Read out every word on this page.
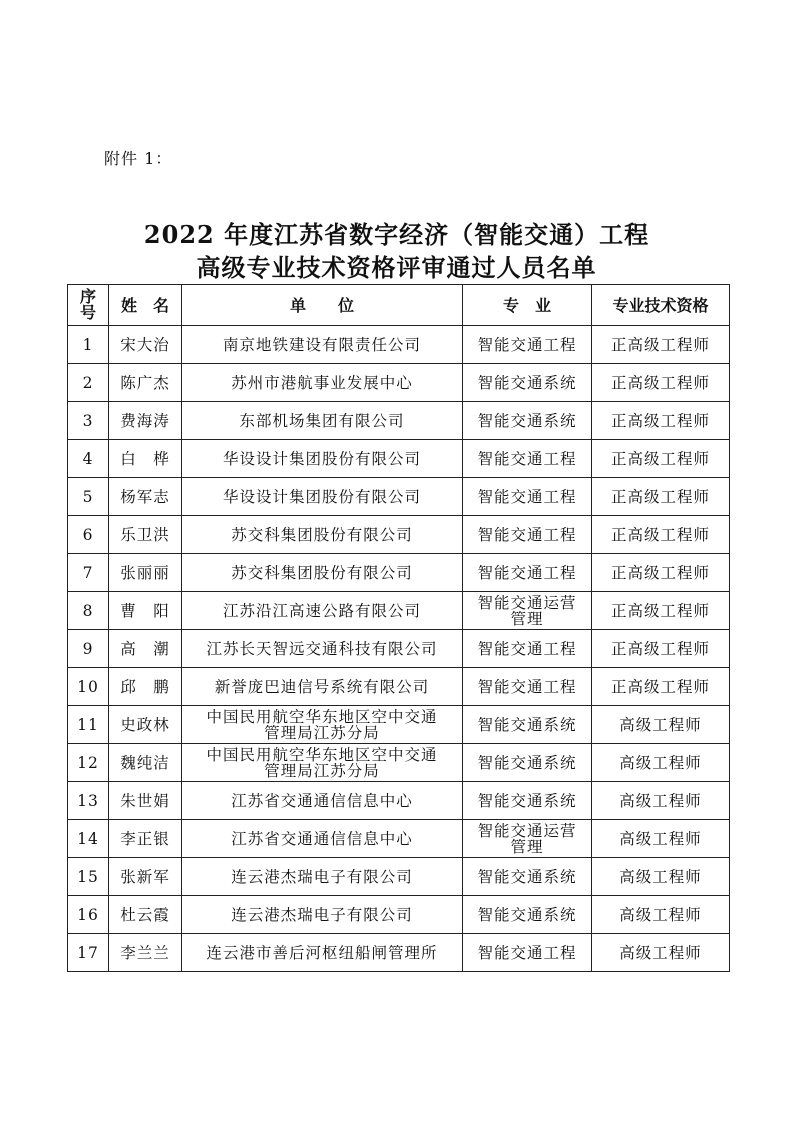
附件 1：
2022 年度江苏省数字经济（智能交通）工程
高级专业技术资格评审通过人员名单
序
号	姓　名	单　　位	专　业	专业技术资格

1	宋大治	南京地铁建设有限责任公司	智能交通工程	正高级工程师

2	陈广杰	苏州市港航事业发展中心	智能交通系统	正高级工程师

3	费海涛	东部机场集团有限公司	智能交通系统	正高级工程师

4	白　桦	华设设计集团股份有限公司	智能交通工程	正高级工程师

5	杨军志	华设设计集团股份有限公司	智能交通工程	正高级工程师

6	乐卫洪	苏交科集团股份有限公司	智能交通工程	正高级工程师

7	张丽丽	苏交科集团股份有限公司	智能交通工程	正高级工程师

8	曹　阳	江苏沿江高速公路有限公司	智能交通运营
管理	正高级工程师

9	高　潮	江苏长天智远交通科技有限公司	智能交通工程	正高级工程师

10	邱　鹏	新誉庞巴迪信号系统有限公司	智能交通工程	正高级工程师

11	史政林	中国民用航空华东地区空中交通
管理局江苏分局	智能交通系统	高级工程师

12	魏纯洁	中国民用航空华东地区空中交通
管理局江苏分局	智能交通系统	高级工程师

13	朱世娟	江苏省交通通信信息中心	智能交通系统	高级工程师

14	李正银	江苏省交通通信信息中心	智能交通运营
管理	高级工程师

15	张新军	连云港杰瑞电子有限公司	智能交通系统	高级工程师

16	杜云霞	连云港杰瑞电子有限公司	智能交通系统	高级工程师

17	李兰兰	连云港市善后河枢纽船闸管理所	智能交通工程	高级工程师
